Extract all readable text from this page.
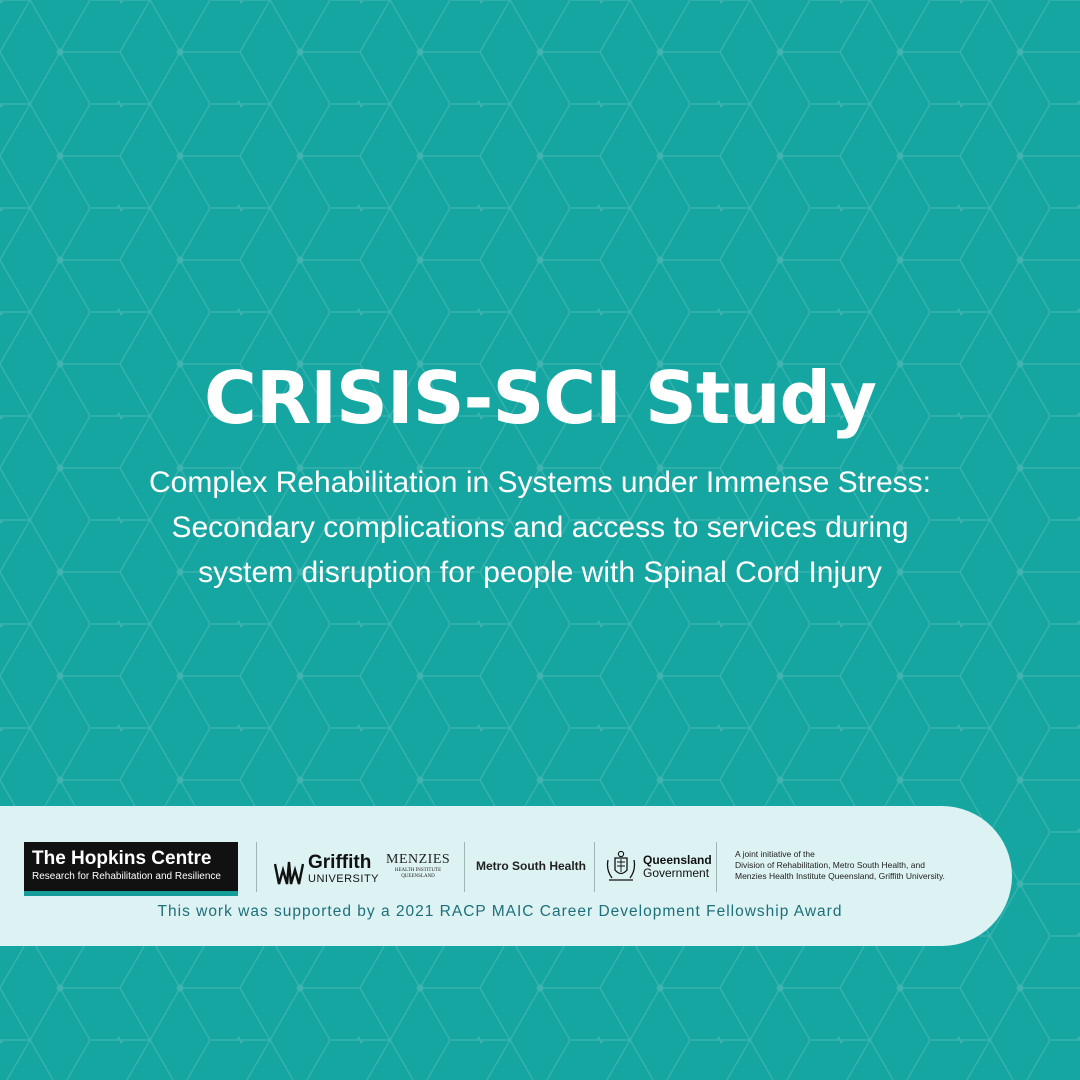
CRISIS-SCI Study
Complex Rehabilitation in Systems under Immense Stress:
Secondary complications and access to services during
system disruption for people with Spinal Cord Injury
The Hopkins Centre
Research for Rehabilitation and Resilience
Griffith
UNIVERSITY
MENZIES
HEALTH INSTITUTE QUEENSLAND
Metro South Health	Queensland
Government
A joint initiative of the
Division of Rehabilitation, Metro South Health, and
Menzies Health Institute Queensland, Griffith University.
This work was supported by a 2021 RACP MAIC Career Development Fellowship Award
